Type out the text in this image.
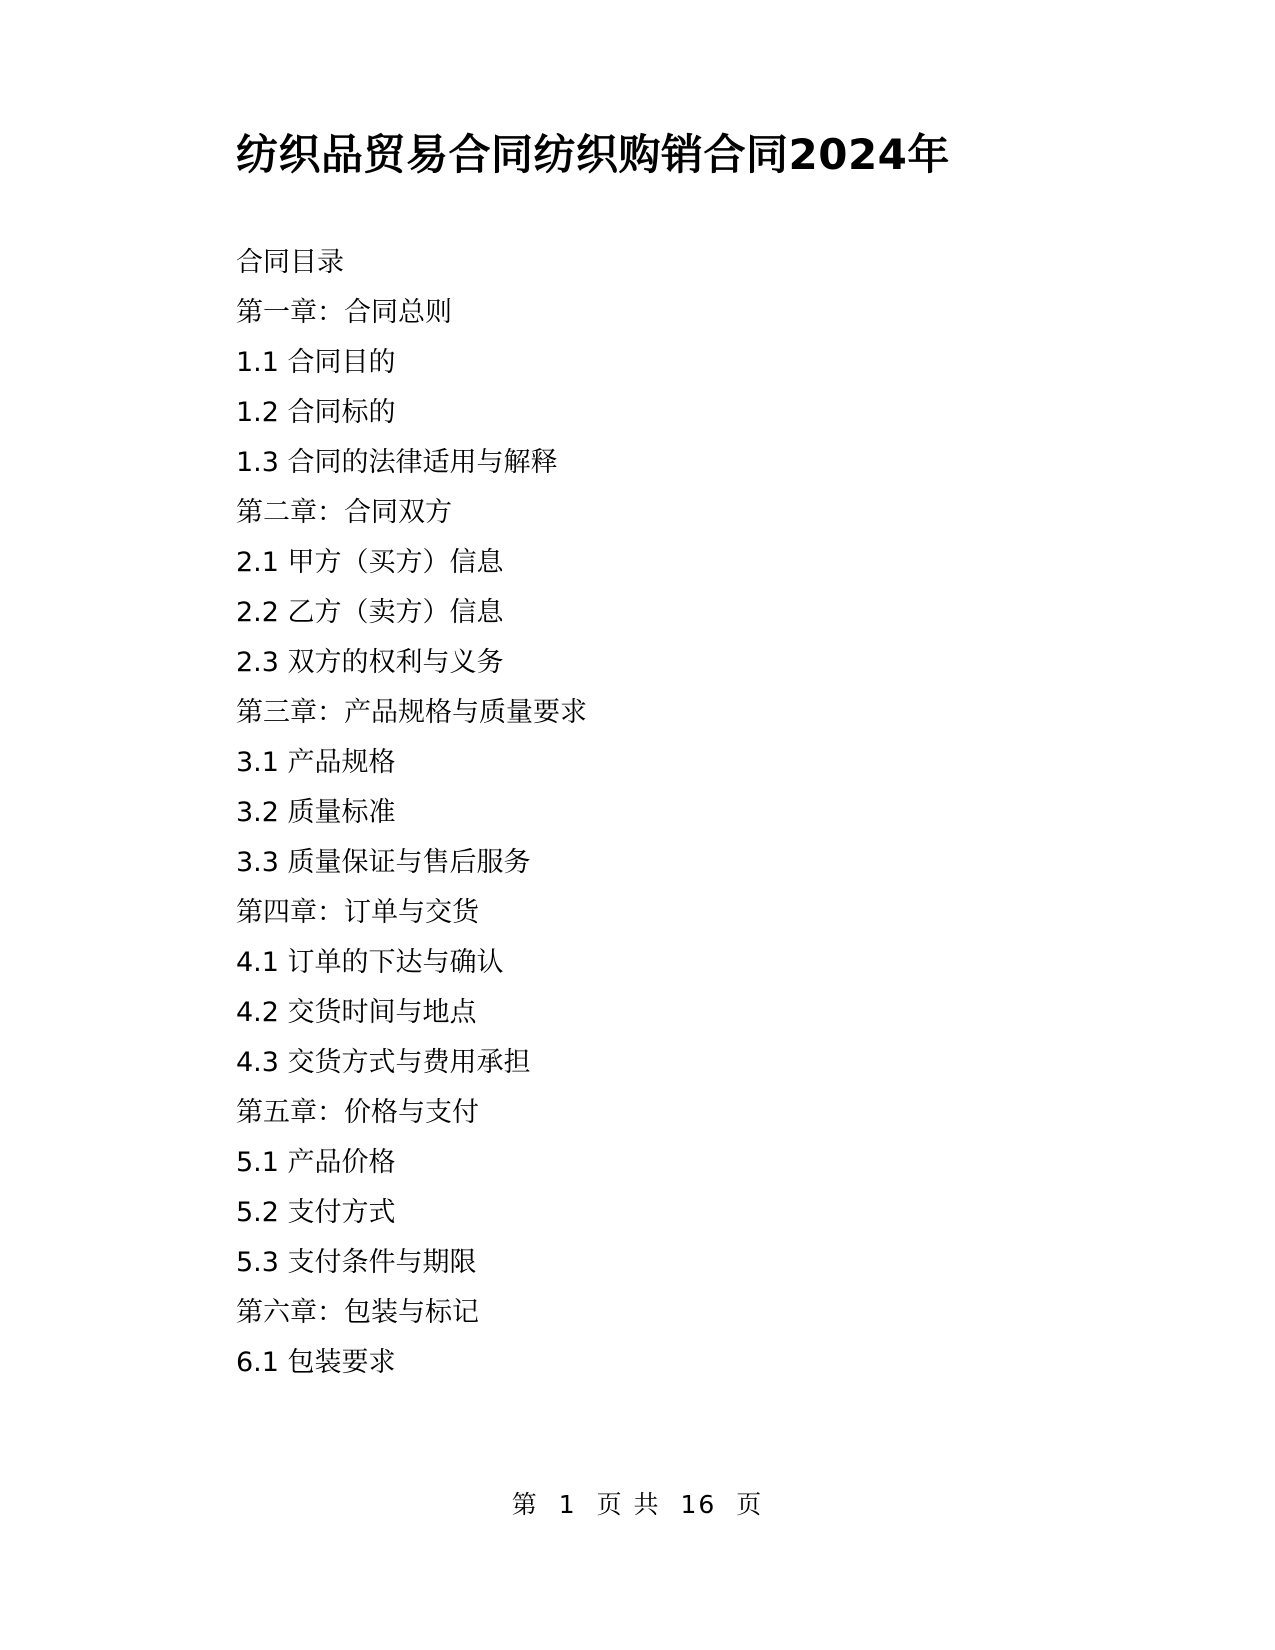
纺织品贸易合同纺织购销合同2024年
合同目录
第一章：合同总则
1.1 合同目的
1.2 合同标的
1.3 合同的法律适用与解释
第二章：合同双方
2.1 甲方（买方）信息
2.2 乙方（卖方）信息
2.3 双方的权利与义务
第三章：产品规格与质量要求
3.1 产品规格
3.2 质量标准
3.3 质量保证与售后服务
第四章：订单与交货
4.1 订单的下达与确认
4.2 交货时间与地点
4.3 交货方式与费用承担
第五章：价格与支付
5.1 产品价格
5.2 支付方式
5.3 支付条件与期限
第六章：包装与标记
6.1 包装要求
第 1 页 共 16 页
